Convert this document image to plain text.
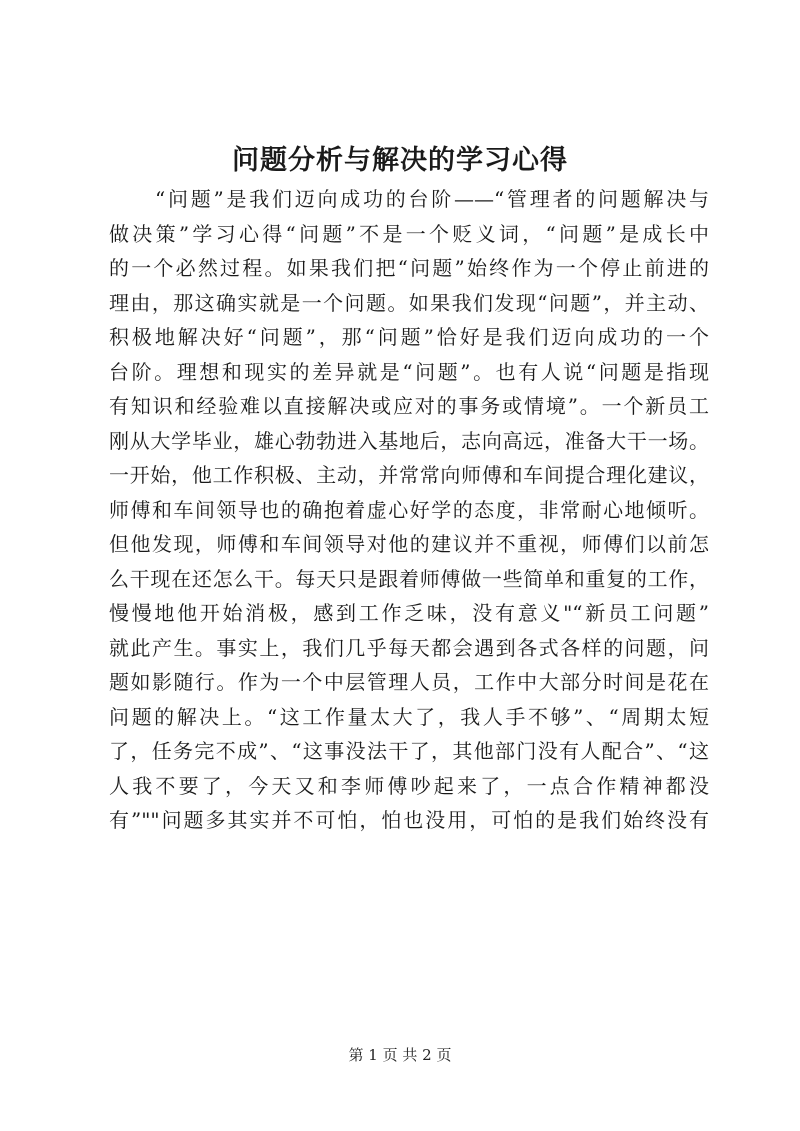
问题分析与解决的学习心得
“问题”是我们迈向成功的台阶——“管理者的问题解决与
做决策”学习心得“问题”不是一个贬义词，“问题”是成长中
的一个必然过程。如果我们把“问题”始终作为一个停止前进的
理由，那这确实就是一个问题。如果我们发现“问题”，并主动、
积极地解决好“问题”，那“问题”恰好是我们迈向成功的一个
台阶。理想和现实的差异就是“问题”。也有人说“问题是指现
有知识和经验难以直接解决或应对的事务或情境”。一个新员工
刚从大学毕业，雄心勃勃进入基地后，志向高远，准备大干一场。
一开始，他工作积极、主动，并常常向师傅和车间提合理化建议，
师傅和车间领导也的确抱着虚心好学的态度，非常耐心地倾听。
但他发现，师傅和车间领导对他的建议并不重视，师傅们以前怎
么干现在还怎么干。每天只是跟着师傅做一些简单和重复的工作，
慢慢地他开始消极，感到工作乏味，没有意义"“新员工问题”
就此产生。事实上，我们几乎每天都会遇到各式各样的问题，问
题如影随行。作为一个中层管理人员，工作中大部分时间是花在
问题的解决上。“这工作量太大了，我人手不够”、“周期太短
了，任务完不成”、“这事没法干了，其他部门没有人配合”、“这
人我不要了，今天又和李师傅吵起来了，一点合作精神都没
有”""问题多其实并不可怕，怕也没用，可怕的是我们始终没有
第 1 页 共 2 页
